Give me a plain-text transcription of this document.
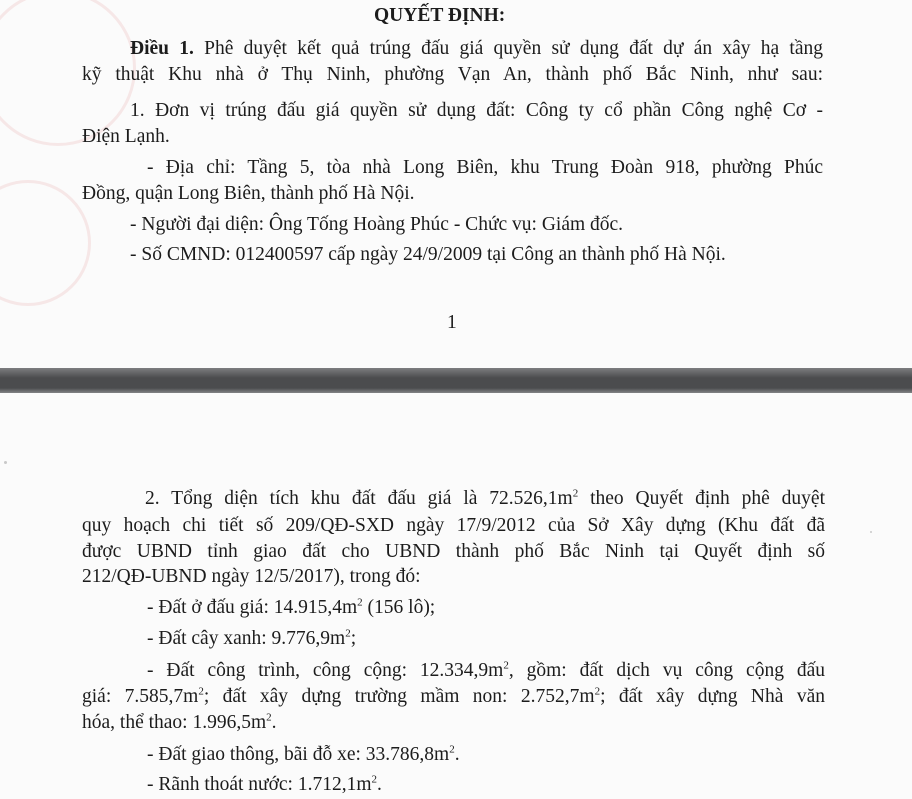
QUYẾT ĐỊNH:

Điều 1. Phê duyệt kết quả trúng đấu giá quyền sử dụng đất dự án xây hạ tầng

kỹ thuật Khu nhà ở Thụ Ninh, phường Vạn An, thành phố Bắc Ninh, như sau:

1. Đơn vị trúng đấu giá quyền sử dụng đất: Công ty cổ phần Công nghệ Cơ -

Điện Lạnh.

- Địa chỉ: Tầng 5, tòa nhà Long Biên, khu Trung Đoàn 918, phường Phúc

Đồng, quận Long Biên, thành phố Hà Nội.

- Người đại diện: Ông Tống Hoàng Phúc - Chức vụ: Giám đốc.

- Số CMND: 012400597 cấp ngày 24/9/2009 tại Công an thành phố Hà Nội.

1

2. Tổng diện tích khu đất đấu giá là $72.526,1m^2$ theo Quyết định phê duyệt

quy hoạch chi tiết số 209/QĐ-SXD ngày 17/9/2012 của Sở Xây dựng (Khu đất đã

được UBND tỉnh giao đất cho UBND thành phố Bắc Ninh tại Quyết định số

212/QĐ-UBND ngày 12/5/2017), trong đó:

- Đất ở đấu giá: $14.915,4m^2$ (156 lô);

- Đất cây xanh: $9.776,9m^2$;

- Đất công trình, công cộng: $12.334,9m^2$, gồm: đất dịch vụ công cộng đấu

giá: $7.585,7m^2$; đất xây dựng trường mầm non: $2.752,7m^2$; đất xây dựng Nhà văn

hóa, thể thao: $1.996,5m^2$.

- Đất giao thông, bãi đỗ xe: $33.786,8m^2$.

- Rãnh thoát nước: $1.712,1m^2$.
